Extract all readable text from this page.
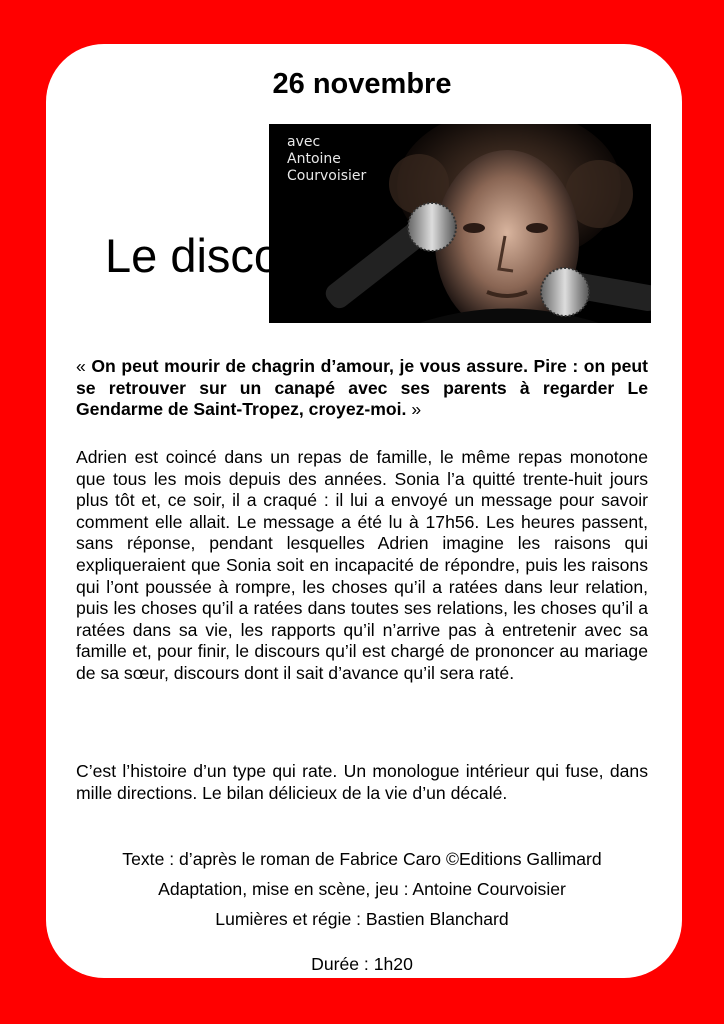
26 novembre
avec
Antoine
Courvoisier
Le discours
« On peut mourir de chagrin d’amour, je vous assure. Pire : on peut se retrouver sur un canapé avec ses parents à regarder Le Gendarme de Saint-Tropez, croyez-moi. »
Adrien est coincé dans un repas de famille, le même repas monotone que tous les mois depuis des années. Sonia l’a quitté trente-huit jours plus tôt et, ce soir, il a craqué : il lui a envoyé un message pour savoir comment elle allait. Le message a été lu à 17h56. Les heures passent, sans réponse, pendant lesquelles Adrien imagine les raisons qui expliqueraient que Sonia soit en incapacité de répondre, puis les raisons qui l’ont poussée à rompre, les choses qu’il a ratées dans leur relation, puis les choses qu’il a ratées dans toutes ses relations, les choses qu’il a ratées dans sa vie, les rapports qu’il n’arrive pas à entretenir avec sa famille et, pour finir, le discours qu’il est chargé de prononcer au mariage de sa sœur, discours dont il sait d’avance qu’il sera raté.
C’est l’histoire d’un type qui rate. Un monologue intérieur qui fuse, dans mille directions. Le bilan délicieux de la vie d’un décalé.
Texte : d’après le roman de Fabrice Caro ©Editions Gallimard
Adaptation, mise en scène, jeu : Antoine Courvoisier
Lumières et régie : Bastien Blanchard
Durée : 1h20
